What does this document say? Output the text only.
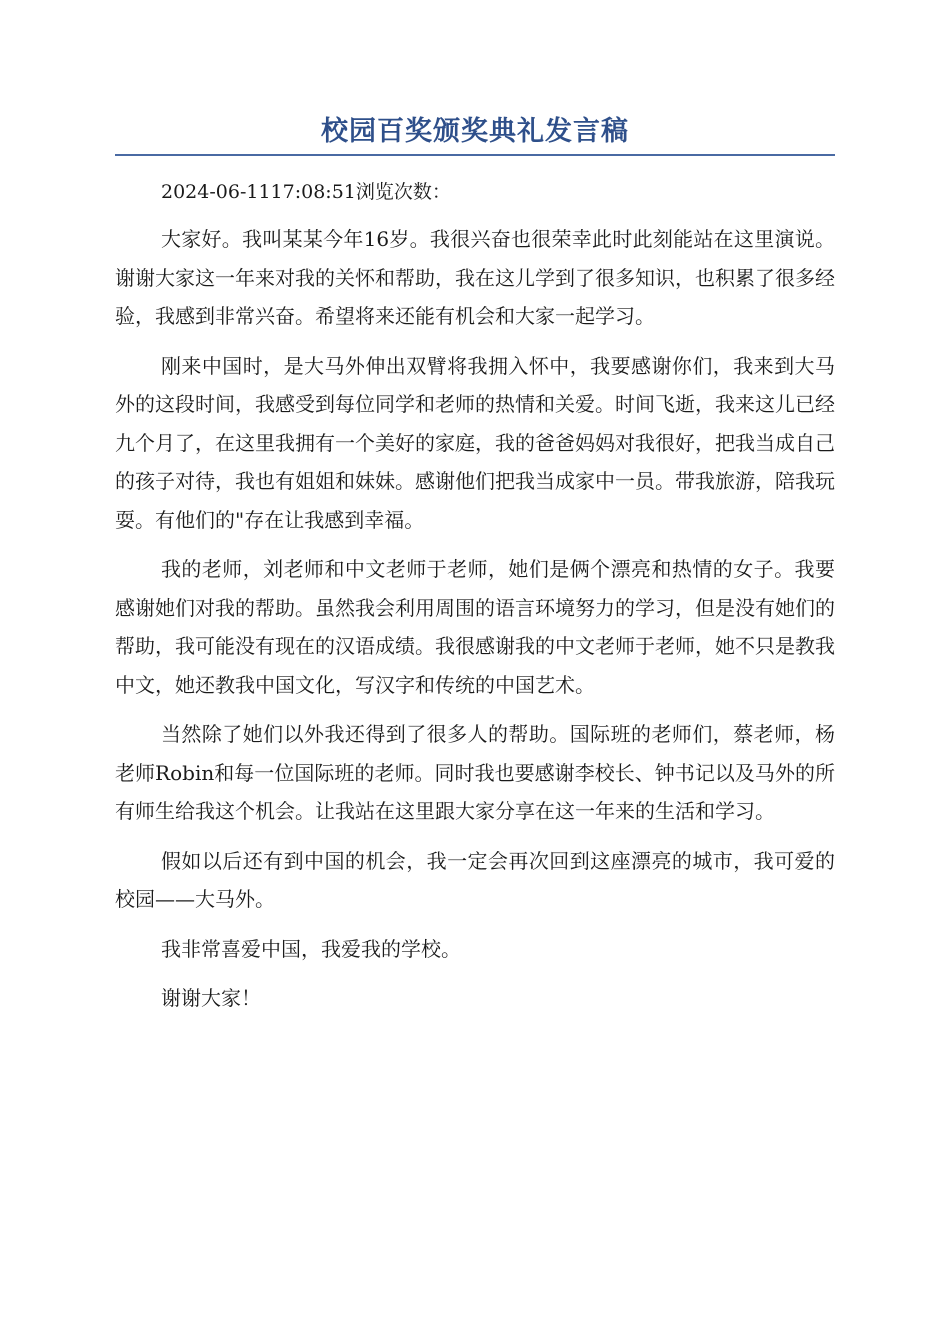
校园百奖颁奖典礼发言稿
2024-06-1117:08:51浏览次数：

大家好。我叫某某今年16岁。我很兴奋也很荣幸此时此刻能站在这里演说。谢谢大家这一年来对我的关怀和帮助，我在这儿学到了很多知识，也积累了很多经验，我感到非常兴奋。希望将来还能有机会和大家一起学习。

刚来中国时，是大马外伸出双臂将我拥入怀中，我要感谢你们，我来到大马外的这段时间，我感受到每位同学和老师的热情和关爱。时间飞逝，我来这儿已经九个月了，在这里我拥有一个美好的家庭，我的爸爸妈妈对我很好，把我当成自己的孩子对待，我也有姐姐和妹妹。感谢他们把我当成家中一员。带我旅游，陪我玩耍。有他们的"存在让我感到幸福。

我的老师，刘老师和中文老师于老师，她们是俩个漂亮和热情的女子。我要感谢她们对我的帮助。虽然我会利用周围的语言环境努力的学习，但是没有她们的帮助，我可能没有现在的汉语成绩。我很感谢我的中文老师于老师，她不只是教我中文，她还教我中国文化，写汉字和传统的中国艺术。

当然除了她们以外我还得到了很多人的帮助。国际班的老师们，蔡老师，杨老师Robin和每一位国际班的老师。同时我也要感谢李校长、钟书记以及马外的所有师生给我这个机会。让我站在这里跟大家分享在这一年来的生活和学习。

假如以后还有到中国的机会，我一定会再次回到这座漂亮的城市，我可爱的校园——大马外。

我非常喜爱中国，我爱我的学校。

谢谢大家！
